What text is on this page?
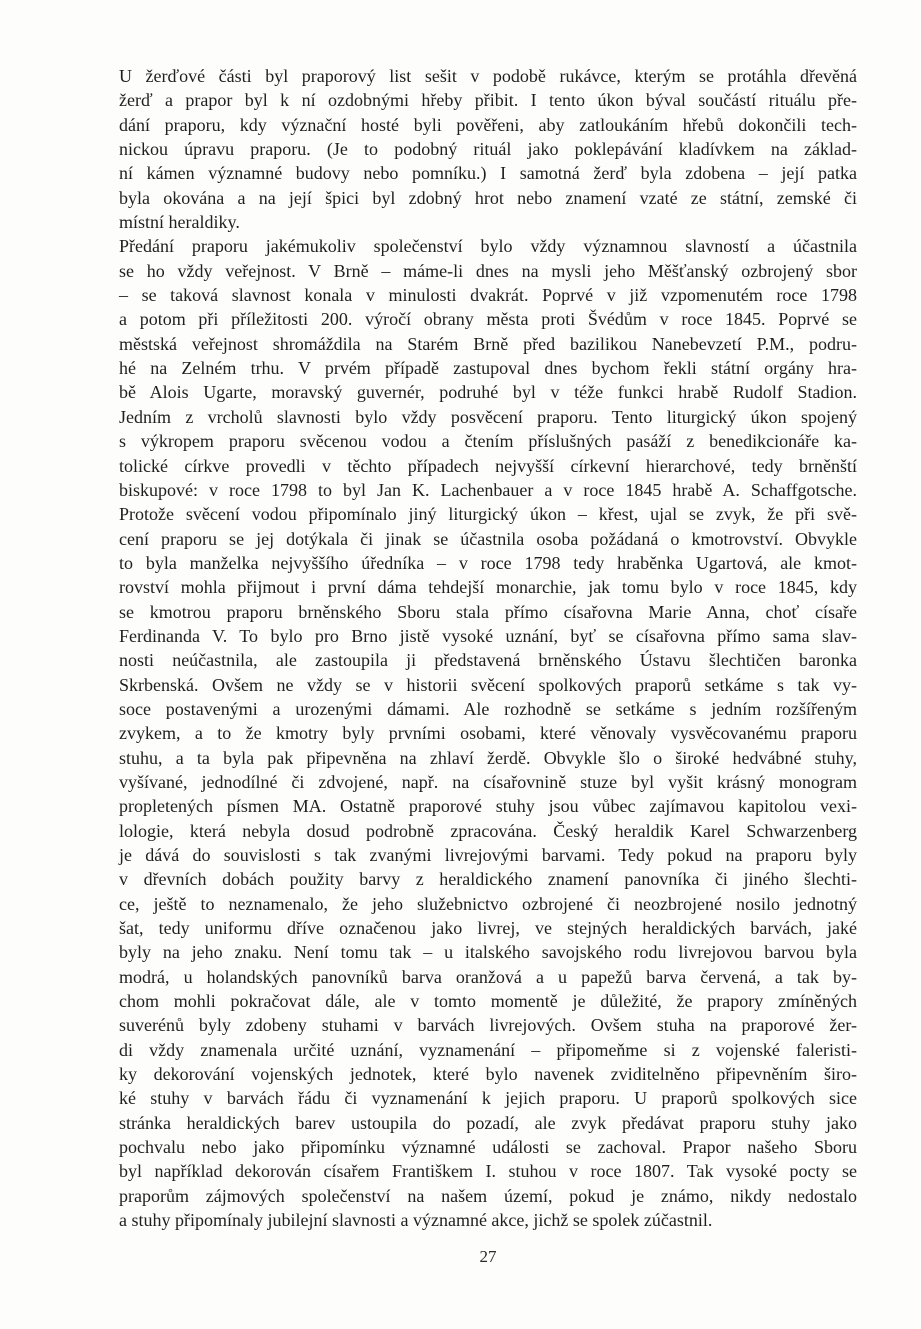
U žerďové části byl praporový list sešit v podobě rukávce, kterým se protáhla dřevěná
žerď a prapor byl k ní ozdobnými hřeby přibit. I tento úkon býval součástí rituálu pře-
dání praporu, kdy význační hosté byli pověřeni, aby zatloukáním hřebů dokončili tech-
nickou úpravu praporu. (Je to podobný rituál jako poklepávání kladívkem na základ-
ní kámen významné budovy nebo pomníku.) I samotná žerď byla zdobena – její patka
byla okována a na její špici byl zdobný hrot nebo znamení vzaté ze státní, zemské či
místní heraldiky.
Předání praporu jakémukoliv společenství bylo vždy významnou slavností a účastnila
se ho vždy veřejnost. V Brně – máme-li dnes na mysli jeho Měšťanský ozbrojený sbor
– se taková slavnost konala v minulosti dvakrát. Poprvé v již vzpomenutém roce 1798
a potom při příležitosti 200. výročí obrany města proti Švédům v roce 1845. Poprvé se
městská veřejnost shromáždila na Starém Brně před bazilikou Nanebevzetí P.M., podru-
hé na Zelném trhu. V prvém případě zastupoval dnes bychom řekli státní orgány hra-
bě Alois Ugarte, moravský guvernér, podruhé byl v téže funkci hrabě Rudolf Stadion.
Jedním z vrcholů slavnosti bylo vždy posvěcení praporu. Tento liturgický úkon spojený
s výkropem praporu svěcenou vodou a čtením příslušných pasáží z benedikcionáře ka-
tolické církve provedli v těchto případech nejvyšší církevní hierarchové, tedy brněnští
biskupové: v roce 1798 to byl Jan K. Lachenbauer a v roce 1845 hrabě A. Schaffgotsche.
Protože svěcení vodou připomínalo jiný liturgický úkon – křest, ujal se zvyk, že při svě-
cení praporu se jej dotýkala či jinak se účastnila osoba požádaná o kmotrovství. Obvykle
to byla manželka nejvyššího úředníka – v roce 1798 tedy hraběnka Ugartová, ale kmot-
rovství mohla přijmout i první dáma tehdejší monarchie, jak tomu bylo v roce 1845, kdy
se kmotrou praporu brněnského Sboru stala přímo císařovna Marie Anna, choť císaře
Ferdinanda V. To bylo pro Brno jistě vysoké uznání, byť se císařovna přímo sama slav-
nosti neúčastnila, ale zastoupila ji představená brněnského Ústavu šlechtičen baronka
Skrbenská. Ovšem ne vždy se v historii svěcení spolkových praporů setkáme s tak vy-
soce postavenými a urozenými dámami. Ale rozhodně se setkáme s jedním rozšířeným
zvykem, a to že kmotry byly prvními osobami, které věnovaly vysvěcovanému praporu
stuhu, a ta byla pak připevněna na zhlaví žerdě. Obvykle šlo o široké hedvábné stuhy,
vyšívané, jednodílné či zdvojené, např. na císařovnině stuze byl vyšit krásný monogram
propletených písmen MA. Ostatně praporové stuhy jsou vůbec zajímavou kapitolou vexi-
lologie, která nebyla dosud podrobně zpracována. Český heraldik Karel Schwarzenberg
je dává do souvislosti s tak zvanými livrejovými barvami. Tedy pokud na praporu byly
v dřevních dobách použity barvy z heraldického znamení panovníka či jiného šlechti-
ce, ještě to neznamenalo, že jeho služebnictvo ozbrojené či neozbrojené nosilo jednotný
šat, tedy uniformu dříve označenou jako livrej, ve stejných heraldických barvách, jaké
byly na jeho znaku. Není tomu tak – u italského savojského rodu livrejovou barvou byla
modrá, u holandských panovníků barva oranžová a u papežů barva červená, a tak by-
chom mohli pokračovat dále, ale v tomto momentě je důležité, že prapory zmíněných
suverénů byly zdobeny stuhami v barvách livrejových. Ovšem stuha na praporové žer-
di vždy znamenala určité uznání, vyznamenání – připomeňme si z vojenské faleristi-
ky dekorování vojenských jednotek, které bylo navenek zviditelněno připevněním širo-
ké stuhy v barvách řádu či vyznamenání k jejich praporu. U praporů spolkových sice
stránka heraldických barev ustoupila do pozadí, ale zvyk předávat praporu stuhy jako
pochvalu nebo jako připomínku významné události se zachoval. Prapor našeho Sboru
byl například dekorován císařem Františkem I. stuhou v roce 1807. Tak vysoké pocty se
praporům zájmových společenství na našem území, pokud je známo, nikdy nedostalo
a stuhy připomínaly jubilejní slavnosti a významné akce, jichž se spolek zúčastnil.
27
